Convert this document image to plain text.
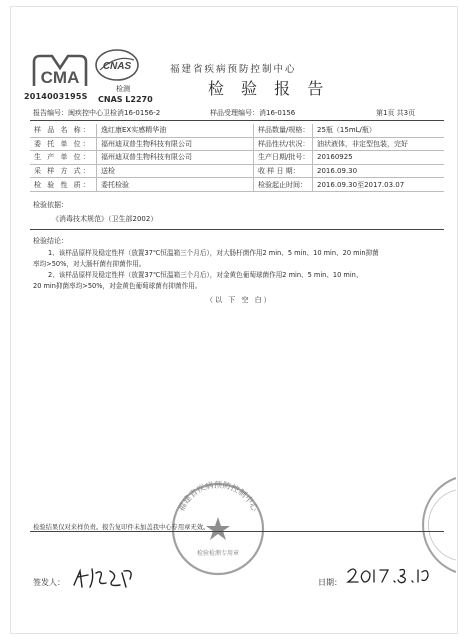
CMA
2014003195S
CNAS
检测
CNAS L2270
福建省疾病预防控制中心
检 验 报 告
报告编号：闽疾控中心卫检消16-0156-2	样品受理编号：消16-0156	第1页 共3页
样 品 名 称：	逸红康EX实感精华油	样品数量/规格：	25瓶（15mL/瓶）
委 托 单 位：	福州迪双普生物科技有限公司	样品性状/状况：	油状液体，非定型包装，完好
生 产 单 位：	福州迪双普生物科技有限公司	生产日期/批号：	20160925
采 样 方 式：	送检	收 样 日 期：	2016.09.30
检 验 性 质：	委托检验	检验起止时间：	2016.09.30至2017.03.07
检验依据：
《消毒技术规范》（卫生部2002）
检验结论：
1、该样品原样及稳定性样（放置37℃恒温箱三个月后），对大肠杆菌作用2 min、5 min、10 min、20 min抑菌
率均>50%，对大肠杆菌有抑菌作用。
2、该样品原样及稳定性样（放置37℃恒温箱三个月后），对金黄色葡萄球菌作用2 min、5 min、10 min、
20 min抑菌率均>50%，对金黄色葡萄球菌有抑菌作用。
（以 下 空 白）
福建省疾病预防控制中心
检验检测专用章
检验结果仅对来样负责。报告复印件未加盖我中心专用章无效。
签发人：	日期：
